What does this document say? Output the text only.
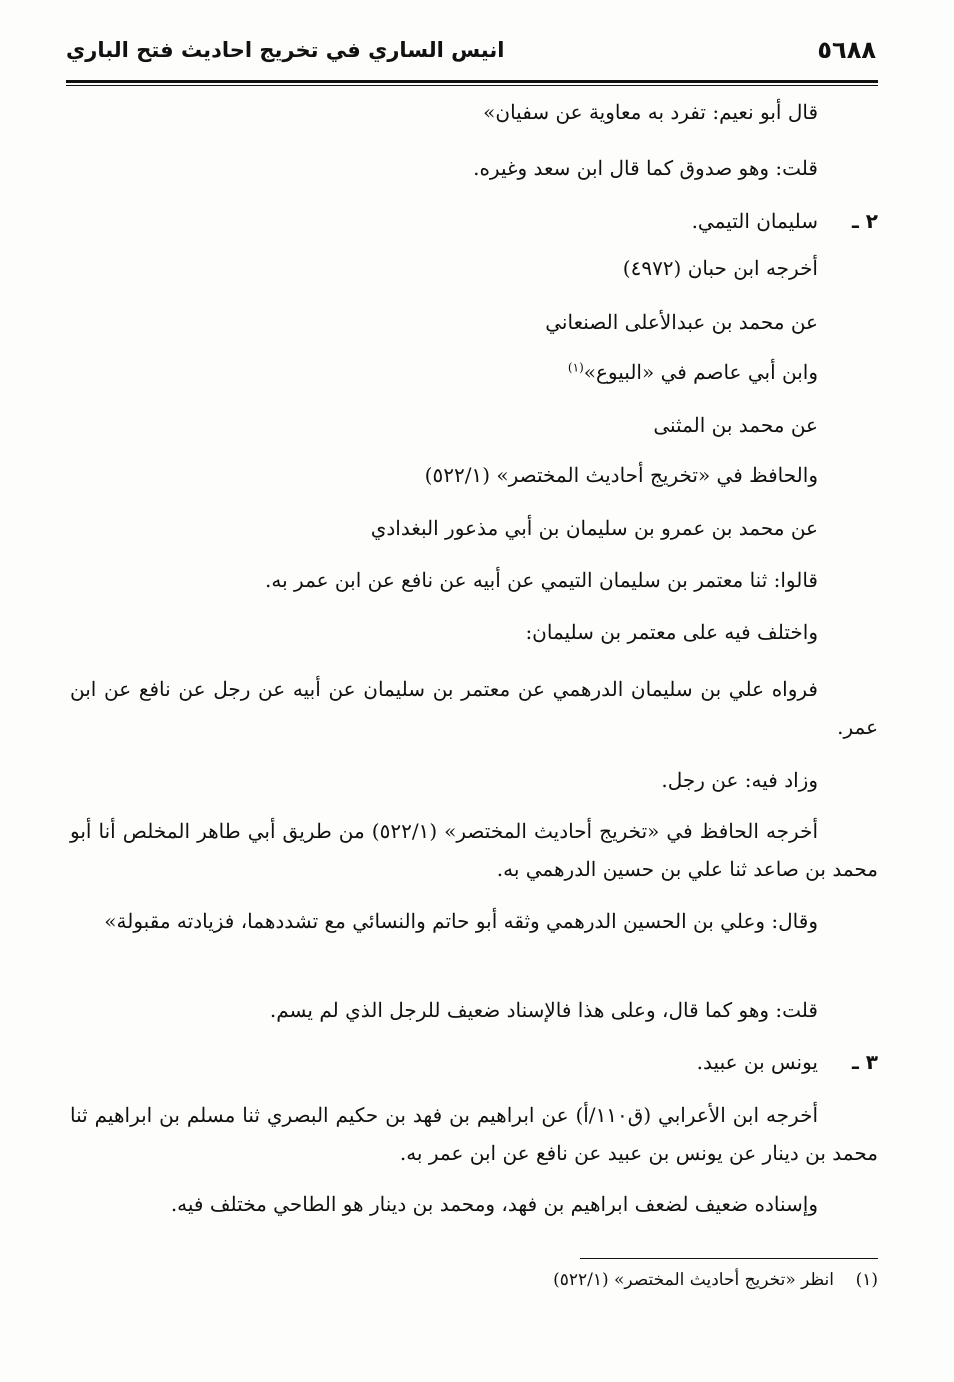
٥٦٨٨
انيس الساري في تخريج احاديث فتح الباري
قال أبو نعيم: تفرد به معاوية عن سفيان»
قلت: وهو صدوق كما قال ابن سعد وغيره.
٢ ـ
سليمان التيمي.
أخرجه ابن حبان (٤٩٧٢)
عن محمد بن عبدالأعلى الصنعاني
وابن أبي عاصم في «البيوع»$^{(١)}$
عن محمد بن المثنى
والحافظ في «تخريج أحاديث المختصر» (٥٢٢/١)
عن محمد بن عمرو بن سليمان بن أبي مذعور البغدادي
قالوا: ثنا معتمر بن سليمان التيمي عن أبيه عن نافع عن ابن عمر به.
واختلف فيه على معتمر بن سليمان:
فرواه علي بن سليمان الدرهمي عن معتمر بن سليمان عن أبيه عن رجل عن نافع عن ابن عمر.
وزاد فيه: عن رجل.
أخرجه الحافظ في «تخريج أحاديث المختصر» (٥٢٢/١) من طريق أبي طاهر المخلص أنا أبو محمد بن صاعد ثنا علي بن حسين الدرهمي به.
وقال: وعلي بن الحسين الدرهمي وثقه أبو حاتم والنسائي مع تشددهما، فزيادته مقبولة»
قلت: وهو كما قال، وعلى هذا فالإسناد ضعيف للرجل الذي لم يسم.
٣ ـ
يونس بن عبيد.
أخرجه ابن الأعرابي (ق١١٠/أ) عن ابراهيم بن فهد بن حكيم البصري ثنا مسلم بن ابراهيم ثنا محمد بن دينار عن يونس بن عبيد عن نافع عن ابن عمر به.
وإسناده ضعيف لضعف ابراهيم بن فهد، ومحمد بن دينار هو الطاحي مختلف فيه.
(١)    انظر «تخريج أحاديث المختصر» (٥٢٢/١)
